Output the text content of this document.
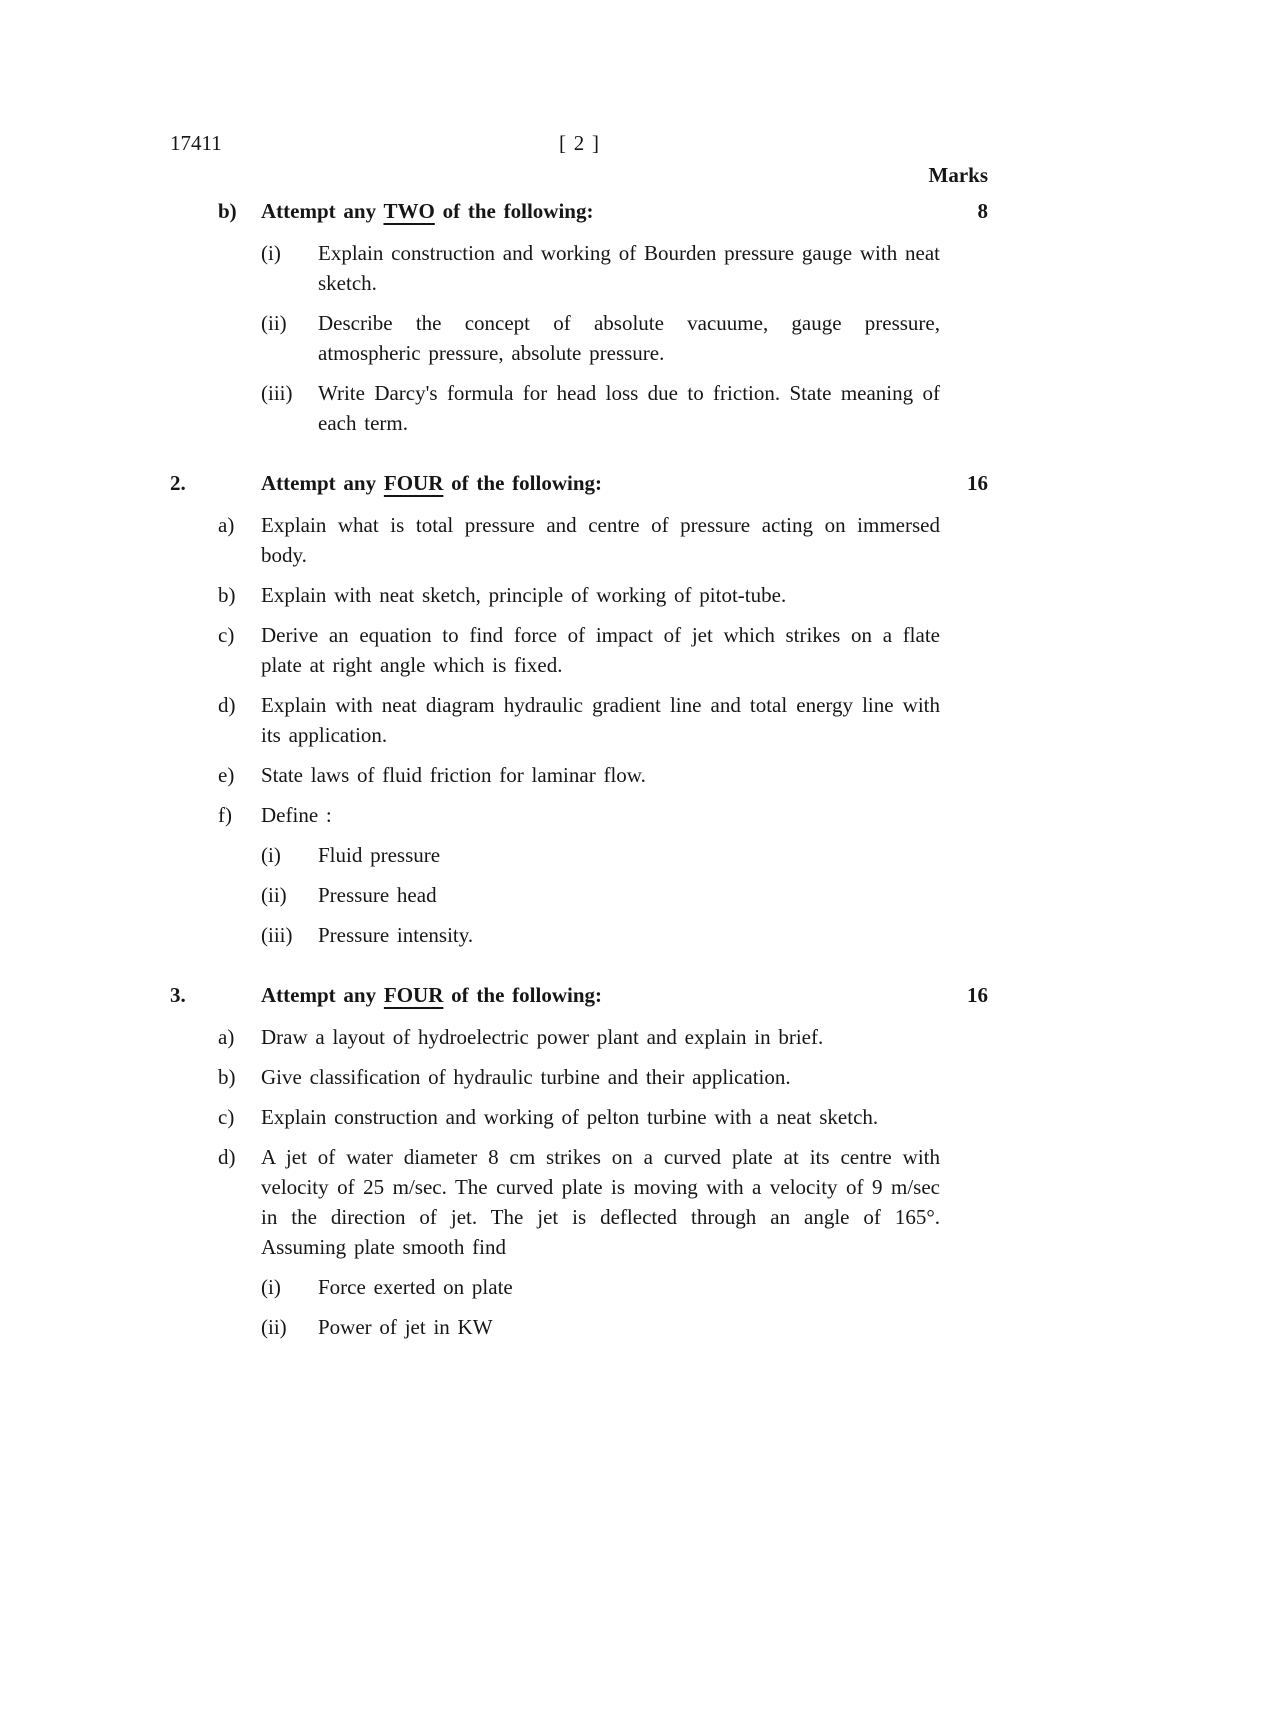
17411	[ 2 ]
Marks
b)	Attempt any TWO of the following:	8
(i)	Explain construction and working of Bourden pressure gauge with neat sketch.
(ii)	Describe the concept of absolute vacuume, gauge pressure, atmospheric pressure, absolute pressure.
(iii)	Write Darcy's formula for head loss due to friction. State meaning of each term.
2.	Attempt any FOUR of the following:	16
a)	Explain what is total pressure and centre of pressure acting on immersed body.
b)	Explain with neat sketch, principle of working of pitot-tube.
c)	Derive an equation to find force of impact of jet which strikes on a flate plate at right angle which is fixed.
d)	Explain with neat diagram hydraulic gradient line and total energy line with its application.
e)	State laws of fluid friction for laminar flow.
f)	Define :
(i)	Fluid pressure
(ii)	Pressure head
(iii)	Pressure intensity.
3.	Attempt any FOUR of the following:	16
a)	Draw a layout of hydroelectric power plant and explain in brief.
b)	Give classification of hydraulic turbine and their application.
c)	Explain construction and working of pelton turbine with a neat sketch.
d)	A jet of water diameter 8 cm strikes on a curved plate at its centre with velocity of 25 m/sec. The curved plate is moving with a velocity of 9 m/sec in the direction of jet. The jet is deflected through an angle of 165°. Assuming plate smooth find
(i)	Force exerted on plate
(ii)	Power of jet in KW
